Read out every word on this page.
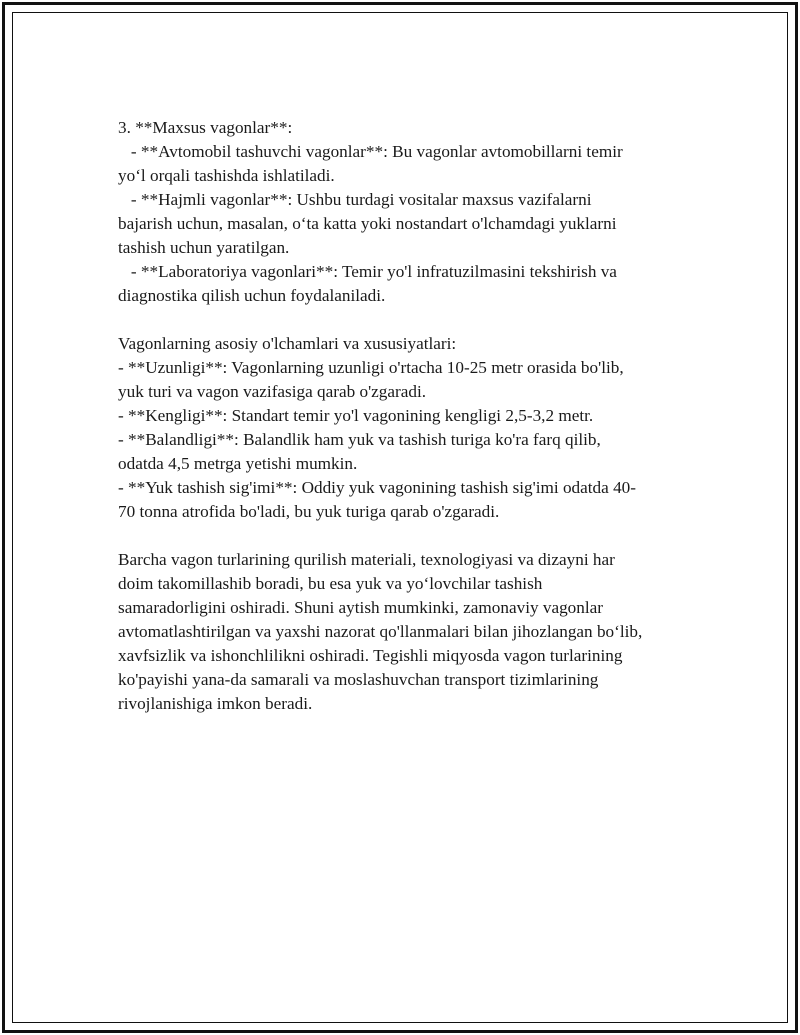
3. **Maxsus vagonlar**:
- **Avtomobil tashuvchi vagonlar**: Bu vagonlar avtomobillarni temir
yo‘l orqali tashishda ishlatiladi.
- **Hajmli vagonlar**: Ushbu turdagi vositalar maxsus vazifalarni
bajarish uchun, masalan, o‘ta katta yoki nostandart o'lchamdagi yuklarni
tashish uchun yaratilgan.
- **Laboratoriya vagonlari**: Temir yo'l infratuzilmasini tekshirish va
diagnostika qilish uchun foydalaniladi.
Vagonlarning asosiy o'lchamlari va xususiyatlari:
- **Uzunligi**: Vagonlarning uzunligi o'rtacha 10-25 metr orasida bo'lib,
yuk turi va vagon vazifasiga qarab o'zgaradi.
- **Kengligi**: Standart temir yo'l vagonining kengligi 2,5-3,2 metr.
- **Balandligi**: Balandlik ham yuk va tashish turiga ko'ra farq qilib,
odatda 4,5 metrga yetishi mumkin.
- **Yuk tashish sig'imi**: Oddiy yuk vagonining tashish sig'imi odatda 40-
70 tonna atrofida bo'ladi, bu yuk turiga qarab o'zgaradi.
Barcha vagon turlarining qurilish materiali, texnologiyasi va dizayni har
doim takomillashib boradi, bu esa yuk va yo‘lovchilar tashish
samaradorligini oshiradi. Shuni aytish mumkinki, zamonaviy vagonlar
avtomatlashtirilgan va yaxshi nazorat qo'llanmalari bilan jihozlangan bo‘lib,
xavfsizlik va ishonchlilikni oshiradi. Tegishli miqyosda vagon turlarining
ko'payishi yana-da samarali va moslashuvchan transport tizimlarining
rivojlanishiga imkon beradi.
